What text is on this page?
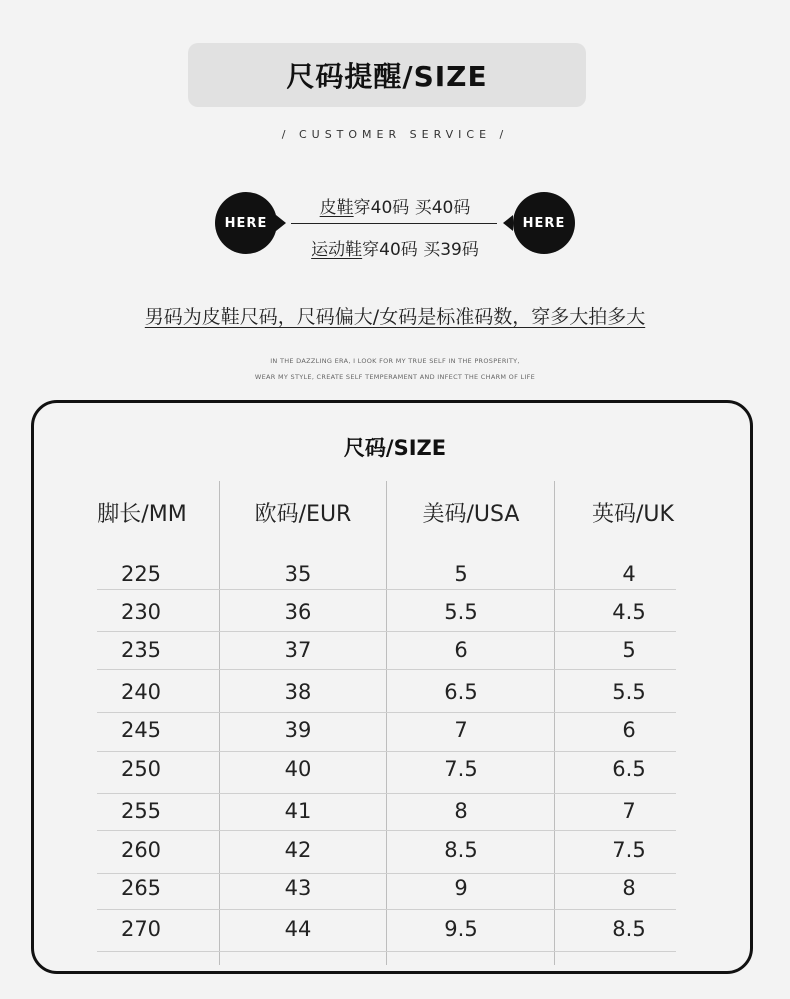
尺码提醒/SIZE
/ CUSTOMER SERVICE /
HERE	HERE
皮鞋穿40码 买40码
运动鞋穿40码 买39码
男码为皮鞋尺码，尺码偏大/女码是标准码数，穿多大拍多大
IN THE DAZZLING ERA, I LOOK FOR MY TRUE SELF IN THE PROSPERITY,
WEAR MY STYLE, CREATE SELF TEMPERAMENT AND INFECT THE CHARM OF LIFE
尺码/SIZE
脚长/MM	欧码/EUR	美码/USA	英码/UK
225	35	5	4
230	36	5.5	4.5
235	37	6	5
240	38	6.5	5.5
245	39	7	6
250	40	7.5	6.5
255	41	8	7
260	42	8.5	7.5
265	43	9	8
270	44	9.5	8.5
